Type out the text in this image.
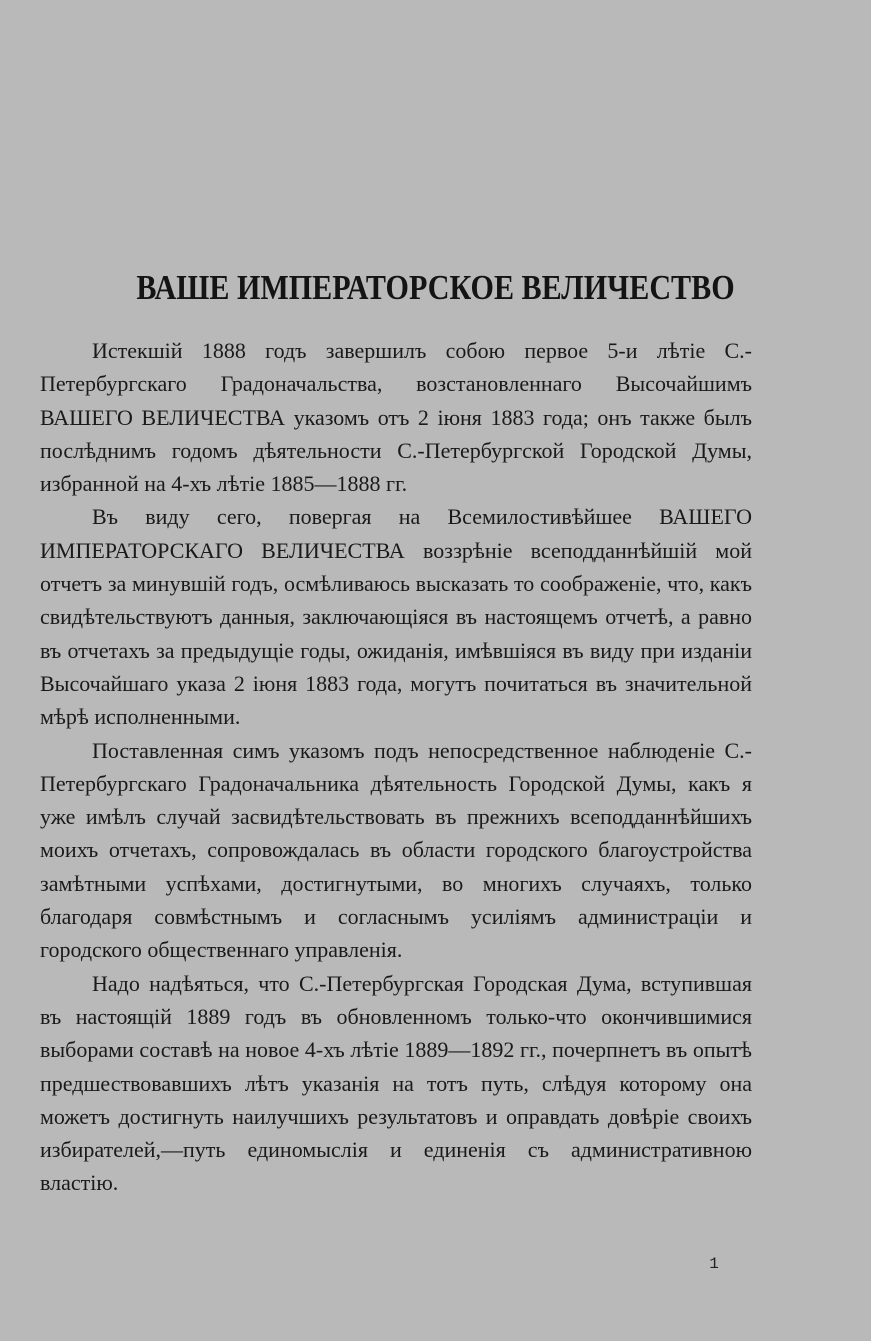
ВАШЕ ИМПЕРАТОРСКОЕ ВЕЛИЧЕСТВО

Истекшій 1888 годъ завершилъ собою первое 5-и лѣтіе С.-Петербургскаго Градоначальства, возстановленнаго Высочайшимъ ВАШЕГО ВЕЛИЧЕСТВА указомъ отъ 2 іюня 1883 года; онъ также былъ послѣднимъ годомъ дѣятельности С.-Петербургской Городской Думы, избранной на 4-хъ лѣтіе 1885—1888 гг.

Въ виду сего, повергая на Всемилостивѣйшее ВАШЕГО ИМПЕРАТОРСКАГО ВЕЛИЧЕСТВА воззрѣніе всеподданнѣйшій мой отчетъ за минувшій годъ, осмѣливаюсь высказать то соображеніе, что, какъ свидѣтельствуютъ данныя, заключающіяся въ настоящемъ отчетѣ, а равно въ отчетахъ за предыдущіе годы, ожиданія, имѣвшіяся въ виду при изданіи Высочайшаго указа 2 іюня 1883 года, могутъ почитаться въ значительной мѣрѣ исполненными.

Поставленная симъ указомъ подъ непосредственное наблюденіе С.-Петербургскаго Градоначальника дѣятельность Городской Думы, какъ я уже имѣлъ случай засвидѣтельствовать въ прежнихъ всеподданнѣйшихъ моихъ отчетахъ, сопровождалась въ области городского благоустройства замѣтными успѣхами, достигнутыми, во многихъ случаяхъ, только благодаря совмѣстнымъ и согласнымъ усиліямъ администраціи и городского общественнаго управленія.

Надо надѣяться, что С.-Петербургская Городская Дума, вступившая въ настоящій 1889 годъ въ обновленномъ только-что окончившимися выборами составѣ на новое 4-хъ лѣтіе 1889—1892 гг., почерпнетъ въ опытѣ предшествовавшихъ лѣтъ указанія на тотъ путь, слѣдуя которому она можетъ достигнуть наилучшихъ результатовъ и оправдать довѣріе своихъ избирателей,—путь единомыслія и единенія съ административною властію.

1
